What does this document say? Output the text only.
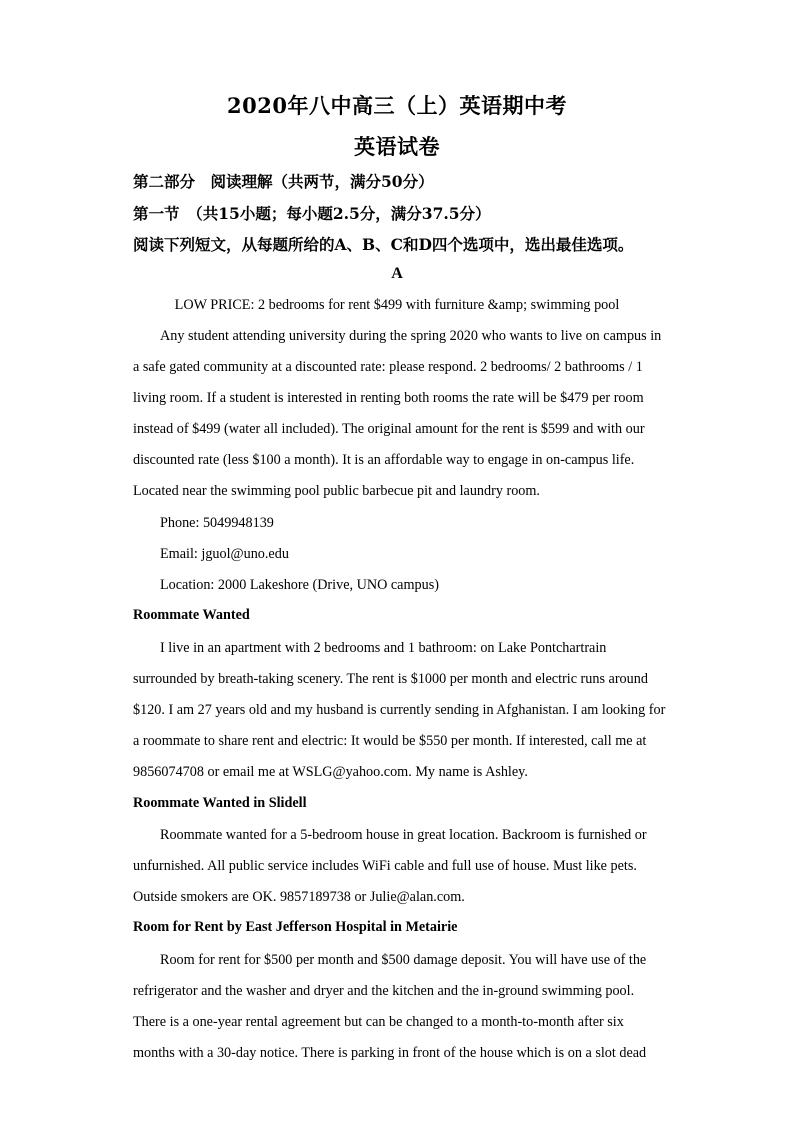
2020年八中高三（上）英语期中考
英语试卷
第二部分　阅读理解（共两节，满分50分）
第一节　（共15小题；每小题2.5分，满分37.5分）
阅读下列短文，从每题所给的A、B、C和D四个选项中，选出最佳选项。
A
LOW PRICE: 2 bedrooms for rent $499 with furniture &amp; swimming pool
Any student attending university during the spring 2020 who wants to live on campus in
a safe gated community at a discounted rate: please respond. 2 bedrooms/ 2 bathrooms / 1
living room. If a student is interested in renting both rooms the rate will be $479 per room
instead of $499 (water all included). The original amount for the rent is $599 and with our
discounted rate (less $100 a month). It is an affordable way to engage in on-campus life.
Located near the swimming pool public barbecue pit and laundry room.
Phone: 5049948139
Email: jguol@uno.edu
Location: 2000 Lakeshore (Drive, UNO campus)
Roommate Wanted
I live in an apartment with 2 bedrooms and 1 bathroom: on Lake Pontchartrain
surrounded by breath-taking scenery. The rent is $1000 per month and electric runs around
$120. I am 27 years old and my husband is currently sending in Afghanistan. I am looking for
a roommate to share rent and electric: It would be $550 per month. If interested, call me at
9856074708 or email me at WSLG@yahoo.com. My name is Ashley.
Roommate Wanted in Slidell
Roommate wanted for a 5-bedroom house in great location. Backroom is furnished or
unfurnished. All public service includes WiFi cable and full use of house. Must like pets.
Outside smokers are OK. 9857189738 or Julie@alan.com.
Room for Rent by East Jefferson Hospital in Metairie
Room for rent for $500 per month and $500 damage deposit. You will have use of the
refrigerator and the washer and dryer and the kitchen and the in-ground swimming pool.
There is a one-year rental agreement but can be changed to a month-to-month after six
months with a 30-day notice. There is parking in front of the house which is on a slot dead
